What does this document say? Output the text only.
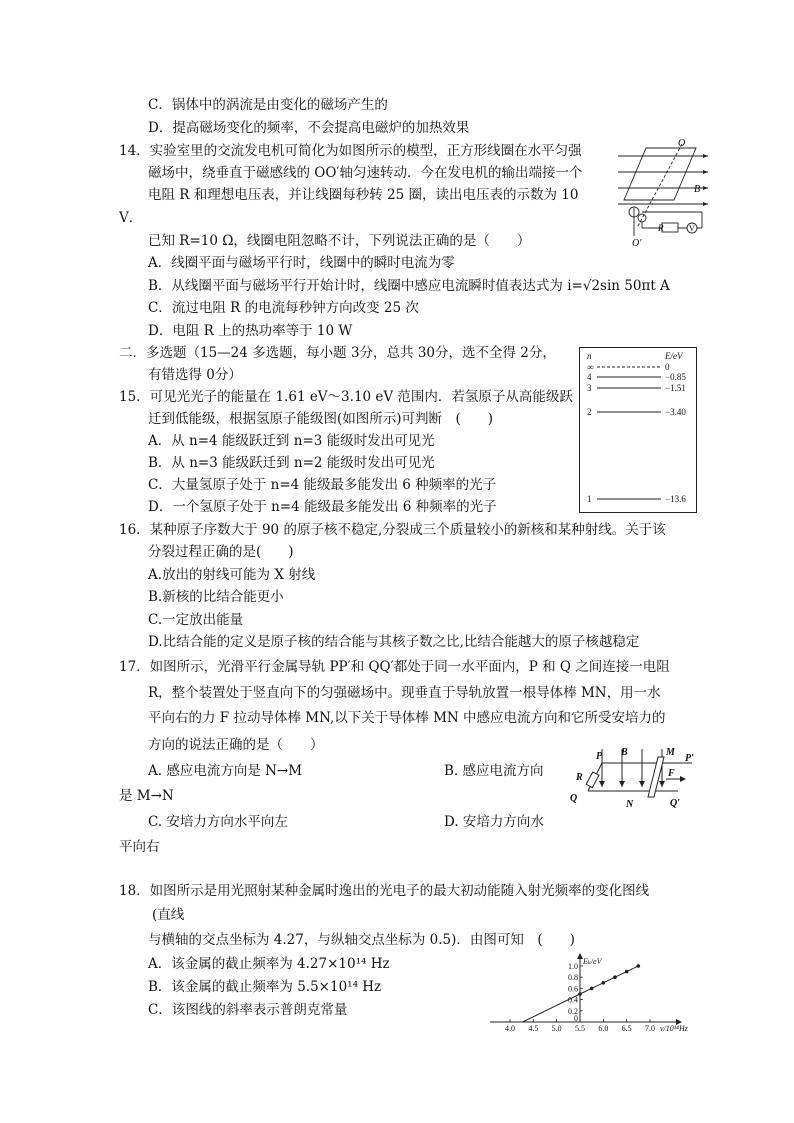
C．锅体中的涡流是由变化的磁场产生的
D．提高磁场变化的频率，不会提高电磁炉的加热效果
14．实验室里的交流发电机可简化为如图所示的模型，正方形线圈在水平匀强
磁场中，绕垂直于磁感线的 OO′轴匀速转动．今在发电机的输出端接一个
电阻 R 和理想电压表，并让线圈每秒转 25 圈，读出电压表的示数为 10
V．
已知 R=10 Ω，线圈电阻忽略不计，下列说法正确的是（　　）
A．线圈平面与磁场平行时，线圈中的瞬时电流为零
B．从线圈平面与磁场平行开始计时，线圈中感应电流瞬时值表达式为 i=√2sin 50πt A
C．流过电阻 R 的电流每秒钟方向改变 25 次
D．电阻 R 上的热功率等于 10 W
O
B
O′
R	V
二．多选题（15—24 多选题，每小题 3分，总共 30分，选不全得 2分，
有错选得 0分）
15．可见光光子的能量在 1.61 eV～3.10 eV 范围内．若氢原子从高能级跃
迁到低能级，根据氢原子能级图(如图所示)可判断　(　　)
A．从 n=4 能级跃迁到 n=3 能级时发出可见光
B．从 n=3 能级跃迁到 n=2 能级时发出可见光
C．大量氢原子处于 n=4 能级最多能发出 6 种频率的光子
D．一个氢原子处于 n=4 能级最多能发出 6 种频率的光子
n	E/eV
∞	0
4	−0.85
3	−1.51
2	−3.40
1	−13.6
16．某种原子序数大于 90 的原子核不稳定,分裂成三个质量较小的新核和某种射线。关于该
分裂过程正确的是(　　)
A.放出的射线可能为 X 射线
B.新核的比结合能更小
C.一定放出能量
D.比结合能的定义是原子核的结合能与其核子数之比,比结合能越大的原子核越稳定
17．如图所示，光滑平行金属导轨 PP′和 QQ′都处于同一水平面内，P 和 Q 之间连接一电阻
R，整个装置处于竖直向下的匀强磁场中。现垂直于导轨放置一根导体棒 MN，用一水
平向右的力 F 拉动导体棒 MN,以下关于导体棒 MN 中感应电流方向和它所受安培力的
方向的说法正确的是（　　）
A. 感应电流方向是 N→M	B. 感应电流方向
是 M→N
C. 安培力方向水平向左	D. 安培力方向水
平向右
P B	M
P′
R	F
Q
N	Q′
18．如图所示是用光照射某种金属时逸出的光电子的最大初动能随入射光频率的变化图线
(直线
与横轴的交点坐标为 4.27，与纵轴交点坐标为 0.5)．由图可知　(　　)
A．该金属的截止频率为 4.27×10¹⁴ Hz
B．该金属的截止频率为 5.5×10¹⁴ Hz
C．该图线的斜率表示普朗克常量
4.0 4.5 5.0 5.5 6.0 6.5 7.0
0.2
0.4
0.6
0.8
1.0
0
Eₖ/eV
ν/10¹⁴Hz
